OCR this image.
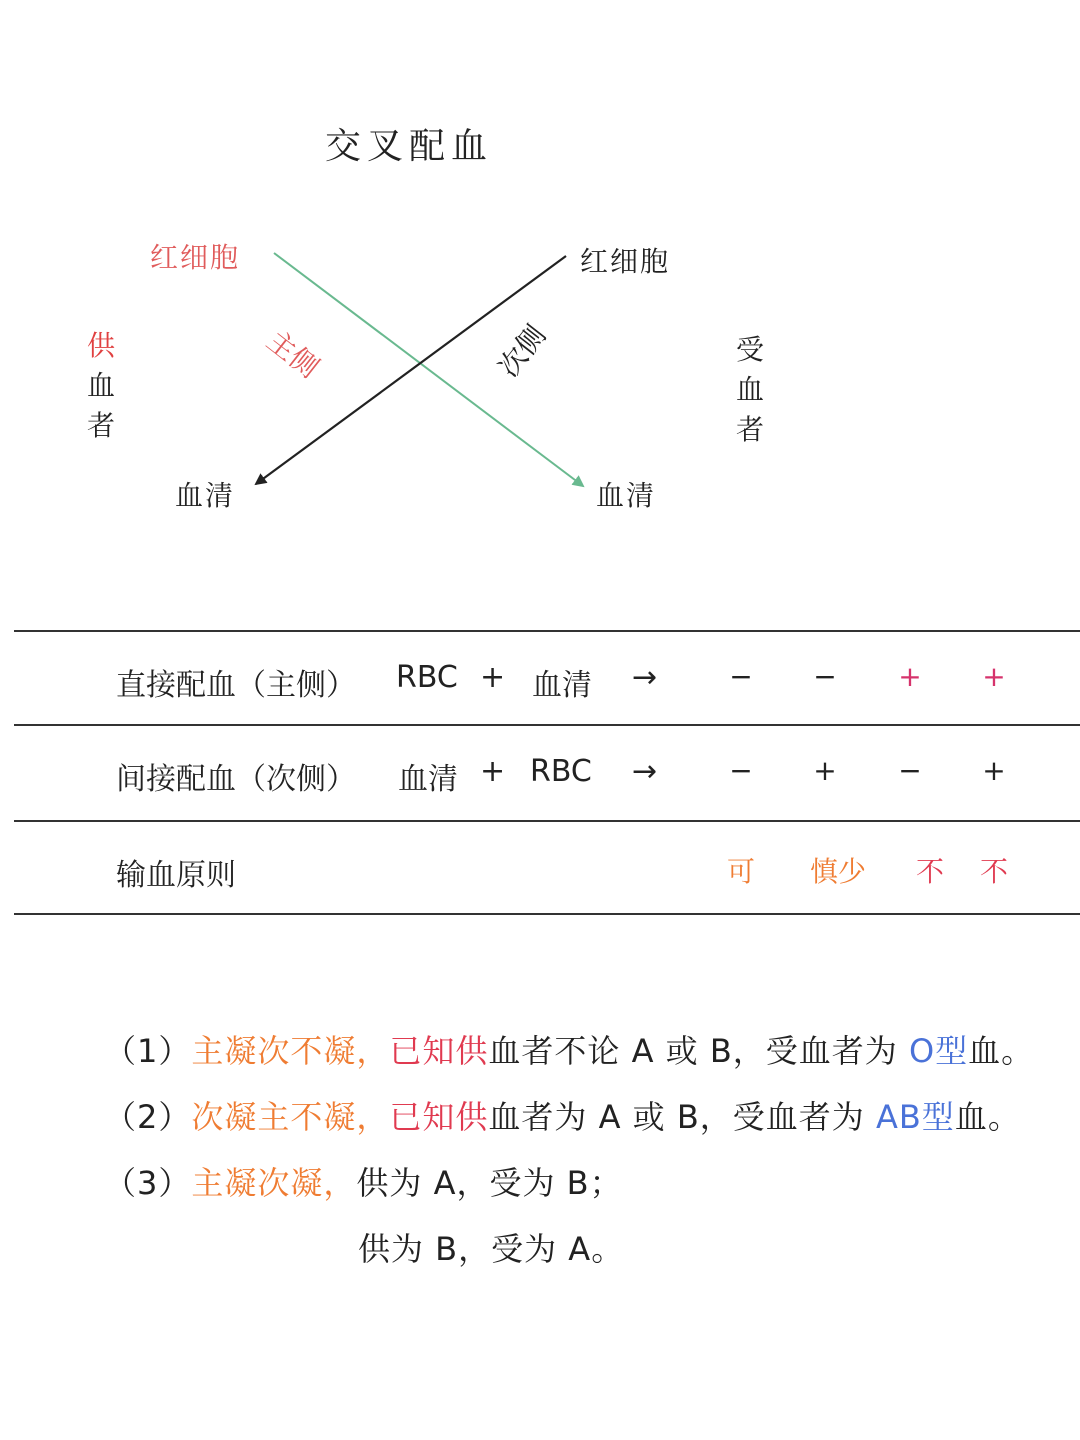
交叉配血
红细胞	红细胞
血清	血清
主侧	次侧
供
血
者
受
血
者
直接配血（主侧） RBC + 血清 →	−	−	+	+
间接配血（次侧） 血清 + RBC →	−	+	−	+
输血原则	可	慎少	不	不
（1）主凝次不凝，已知供血者不论 A 或 B，受血者为 O型血。
（2）次凝主不凝，已知供血者为 A 或 B，受血者为 AB型血。
（3）主凝次凝，供为 A，受为 B；
供为 B，受为 A。
